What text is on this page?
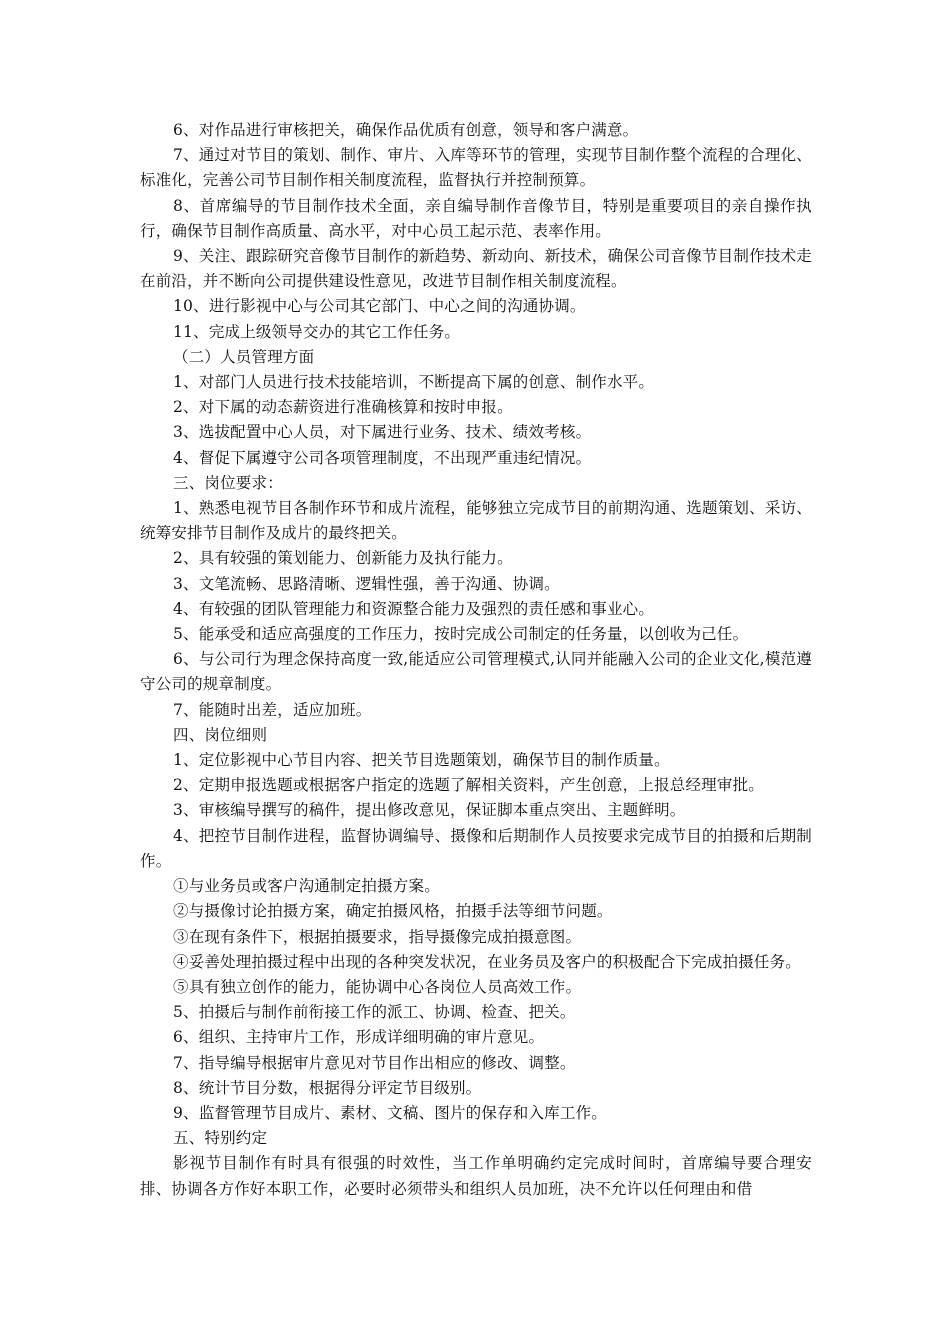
6、对作品进行审核把关，确保作品优质有创意，领导和客户满意。

7、通过对节目的策划、制作、审片、入库等环节的管理，实现节目制作整个流程的合理化、标准化，完善公司节目制作相关制度流程，监督执行并控制预算。

8、首席编导的节目制作技术全面，亲自编导制作音像节目，特别是重要项目的亲自操作执行，确保节目制作高质量、高水平，对中心员工起示范、表率作用。

9、关注、跟踪研究音像节目制作的新趋势、新动向、新技术，确保公司音像节目制作技术走在前沿，并不断向公司提供建设性意见，改进节目制作相关制度流程。

10、进行影视中心与公司其它部门、中心之间的沟通协调。

11、完成上级领导交办的其它工作任务。

（二）人员管理方面

1、对部门人员进行技术技能培训，不断提高下属的创意、制作水平。

2、对下属的动态薪资进行准确核算和按时申报。

3、选拔配置中心人员，对下属进行业务、技术、绩效考核。

4、督促下属遵守公司各项管理制度，不出现严重违纪情况。

三、岗位要求：

1、熟悉电视节目各制作环节和成片流程，能够独立完成节目的前期沟通、选题策划、采访、统筹安排节目制作及成片的最终把关。

2、具有较强的策划能力、创新能力及执行能力。

3、文笔流畅、思路清晰、逻辑性强，善于沟通、协调。

4、有较强的团队管理能力和资源整合能力及强烈的责任感和事业心。

5、能承受和适应高强度的工作压力，按时完成公司制定的任务量，以创收为己任。

6、与公司行为理念保持高度一致,能适应公司管理模式,认同并能融入公司的企业文化,模范遵守公司的规章制度。

7、能随时出差，适应加班。

四、岗位细则

1、定位影视中心节目内容、把关节目选题策划，确保节目的制作质量。

2、定期申报选题或根据客户指定的选题了解相关资料，产生创意，上报总经理审批。

3、审核编导撰写的稿件，提出修改意见，保证脚本重点突出、主题鲜明。

4、把控节目制作进程，监督协调编导、摄像和后期制作人员按要求完成节目的拍摄和后期制作。

①与业务员或客户沟通制定拍摄方案。

②与摄像讨论拍摄方案，确定拍摄风格，拍摄手法等细节问题。

③在现有条件下，根据拍摄要求，指导摄像完成拍摄意图。

④妥善处理拍摄过程中出现的各种突发状况，在业务员及客户的积极配合下完成拍摄任务。

⑤具有独立创作的能力，能协调中心各岗位人员高效工作。

5、拍摄后与制作前衔接工作的派工、协调、检查、把关。

6、组织、主持审片工作，形成详细明确的审片意见。

7、指导编导根据审片意见对节目作出相应的修改、调整。

8、统计节目分数，根据得分评定节目级别。

9、监督管理节目成片、素材、文稿、图片的保存和入库工作。

五、特别约定

影视节目制作有时具有很强的时效性，当工作单明确约定完成时间时，首席编导要合理安排、协调各方作好本职工作，必要时必须带头和组织人员加班，决不允许以任何理由和借
